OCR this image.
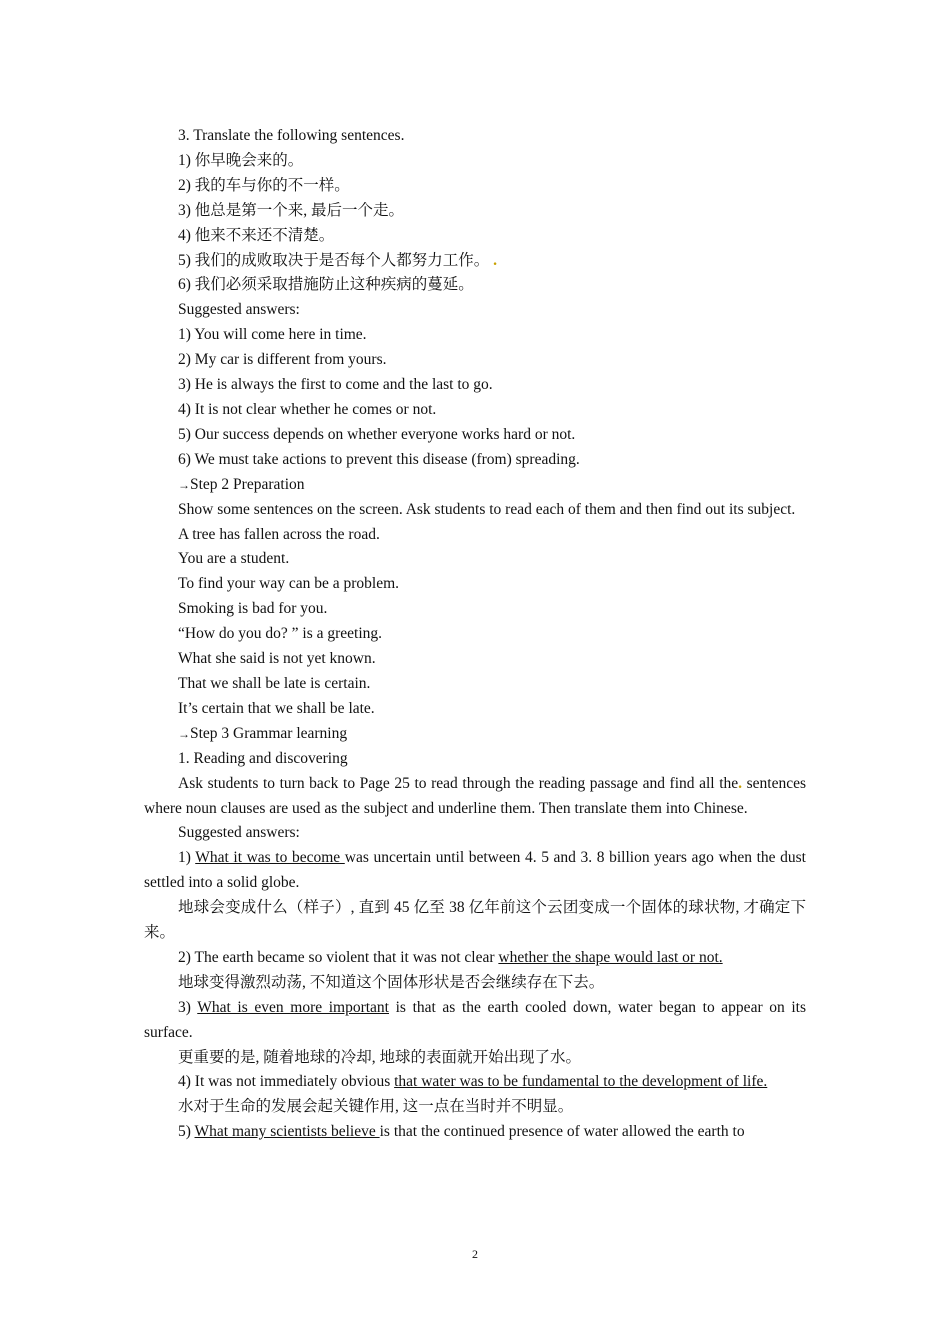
3. Translate the following sentences.

1) 你早晚会来的。

2) 我的车与你的不一样。

3) 他总是第一个来, 最后一个走。

4) 他来不来还不清楚。

5) 我们的成败取决于是否每个人都努力工作。 .

6) 我们必须采取措施防止这种疾病的蔓延。

Suggested answers:

1) You will come here in time.

2) My car is different from yours.

3) He is always the first to come and the last to go.

4) It is not clear whether he comes or not.

5) Our success depends on whether everyone works hard or not.

6) We must take actions to prevent this disease (from) spreading.

→Step 2 Preparation

Show some sentences on the screen. Ask students to read each of them and then find out its subject.

A tree has fallen across the road.

You are a student.

To find your way can be a problem.

Smoking is bad for you.

“How do you do? ” is a greeting.

What she said is not yet known.

That we shall be late is certain.

It’s certain that we shall be late.

→Step 3 Grammar learning

1. Reading and discovering

Ask students to turn back to Page 25 to read through the reading passage and find all the. sentences where noun clauses are used as the subject and underline them. Then translate them into Chinese.

Suggested answers:

1) What it was to become was uncertain until between 4. 5 and 3. 8 billion years ago when the dust settled into a solid globe.

地球会变成什么（样子）, 直到 45 亿至 38 亿年前这个云团变成一个固体的球状物, 才确定下来。

2) The earth became so violent that it was not clear whether the shape would last or not.

地球变得激烈动荡, 不知道这个固体形状是否会继续存在下去。

3) What is even more important is that as the earth cooled down, water began to appear on its surface.

更重要的是, 随着地球的冷却, 地球的表面就开始出现了水。

4) It was not immediately obvious that water was to be fundamental to the development of life.

水对于生命的发展会起关键作用, 这一点在当时并不明显。

5) What many scientists believe is that the continued presence of water allowed the earth to

2
